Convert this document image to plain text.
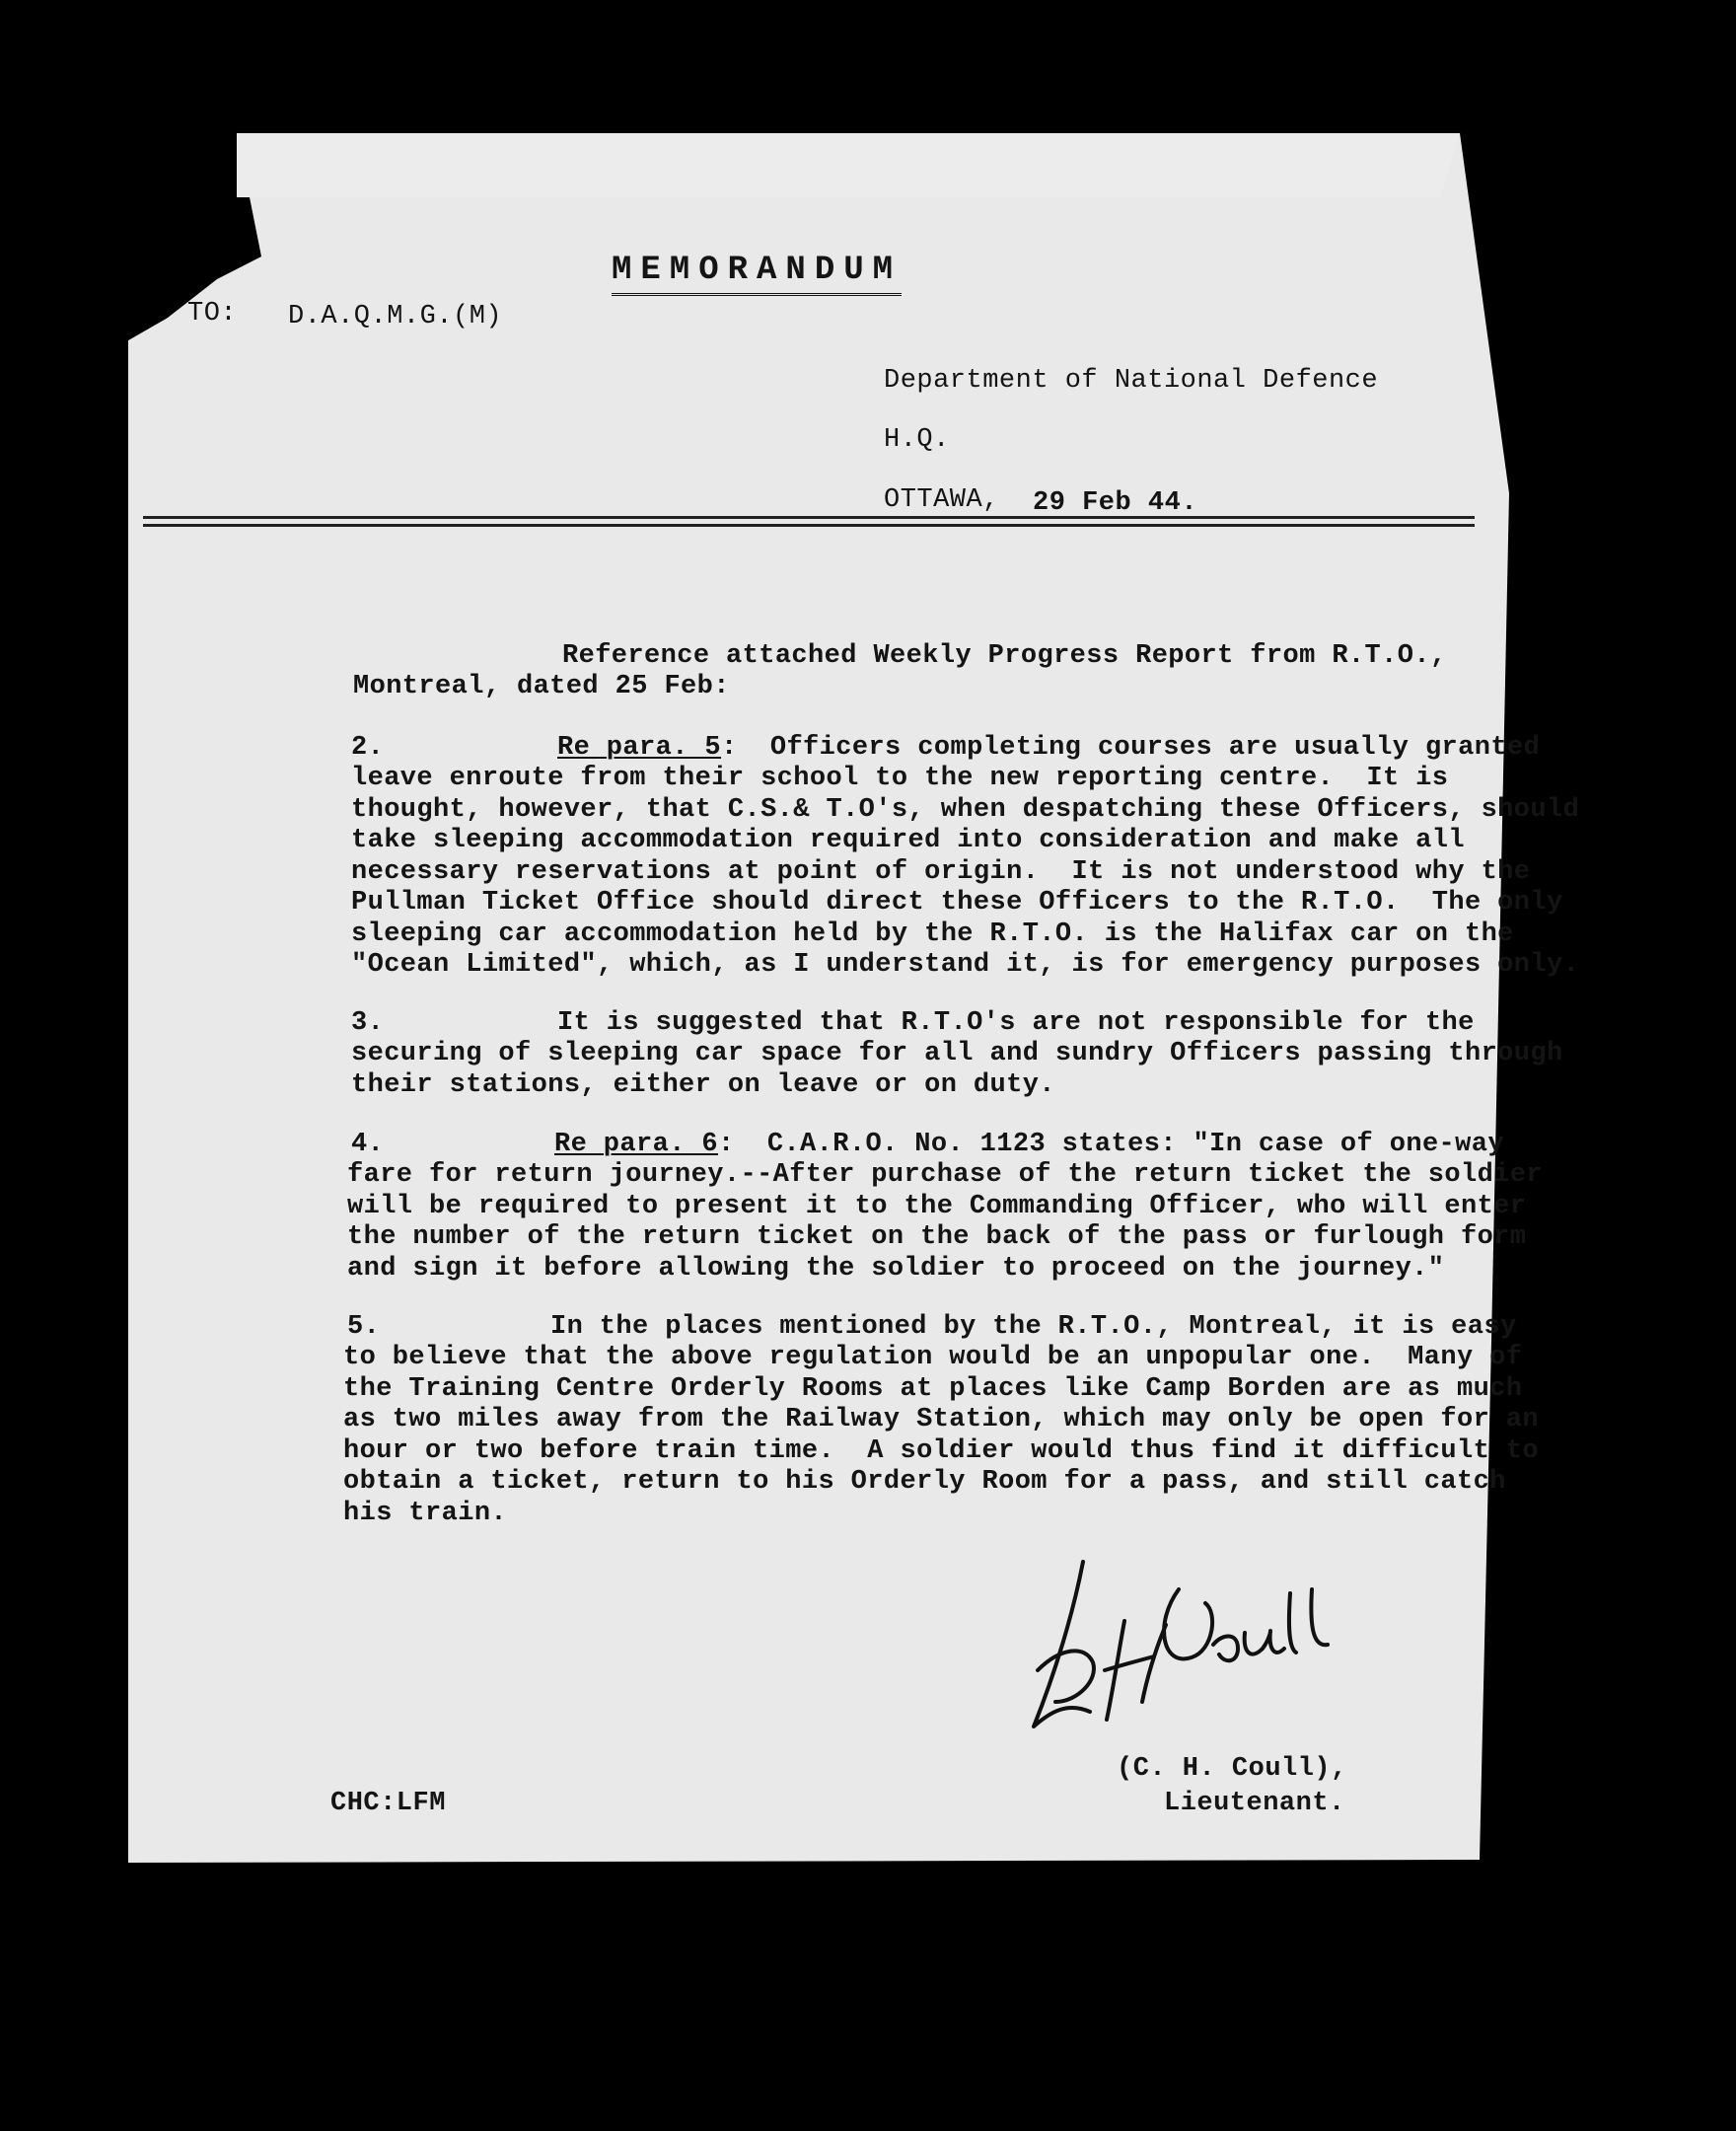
MEMORANDUM
TO: D.A.Q.M.G.(M)
Department of National Defence
H.Q.
OTTAWA, 29 Feb 44.
Reference attached Weekly Progress Report from R.T.O.,
Montreal, dated 25 Feb:
2.	Re para. 5:  Officers completing courses are usually granted
leave enroute from their school to the new reporting centre.  It is
thought, however, that C.S.& T.O's, when despatching these Officers, should
take sleeping accommodation required into consideration and make all
necessary reservations at point of origin.  It is not understood why the
Pullman Ticket Office should direct these Officers to the R.T.O.  The only
sleeping car accommodation held by the R.T.O. is the Halifax car on the
"Ocean Limited", which, as I understand it, is for emergency purposes only.
3.	It is suggested that R.T.O's are not responsible for the
securing of sleeping car space for all and sundry Officers passing through
their stations, either on leave or on duty.
4.	Re para. 6:  C.A.R.O. No. 1123 states: "In case of one-way
fare for return journey.--After purchase of the return ticket the soldier
will be required to present it to the Commanding Officer, who will enter
the number of the return ticket on the back of the pass or furlough form
and sign it before allowing the soldier to proceed on the journey."
5.	In the places mentioned by the R.T.O., Montreal, it is easy
to believe that the above regulation would be an unpopular one.  Many of
the Training Centre Orderly Rooms at places like Camp Borden are as much
as two miles away from the Railway Station, which may only be open for an
hour or two before train time.  A soldier would thus find it difficult to
obtain a ticket, return to his Orderly Room for a pass, and still catch
his train.
(C. H. Coull),
Lieutenant.
CHC:LFM
